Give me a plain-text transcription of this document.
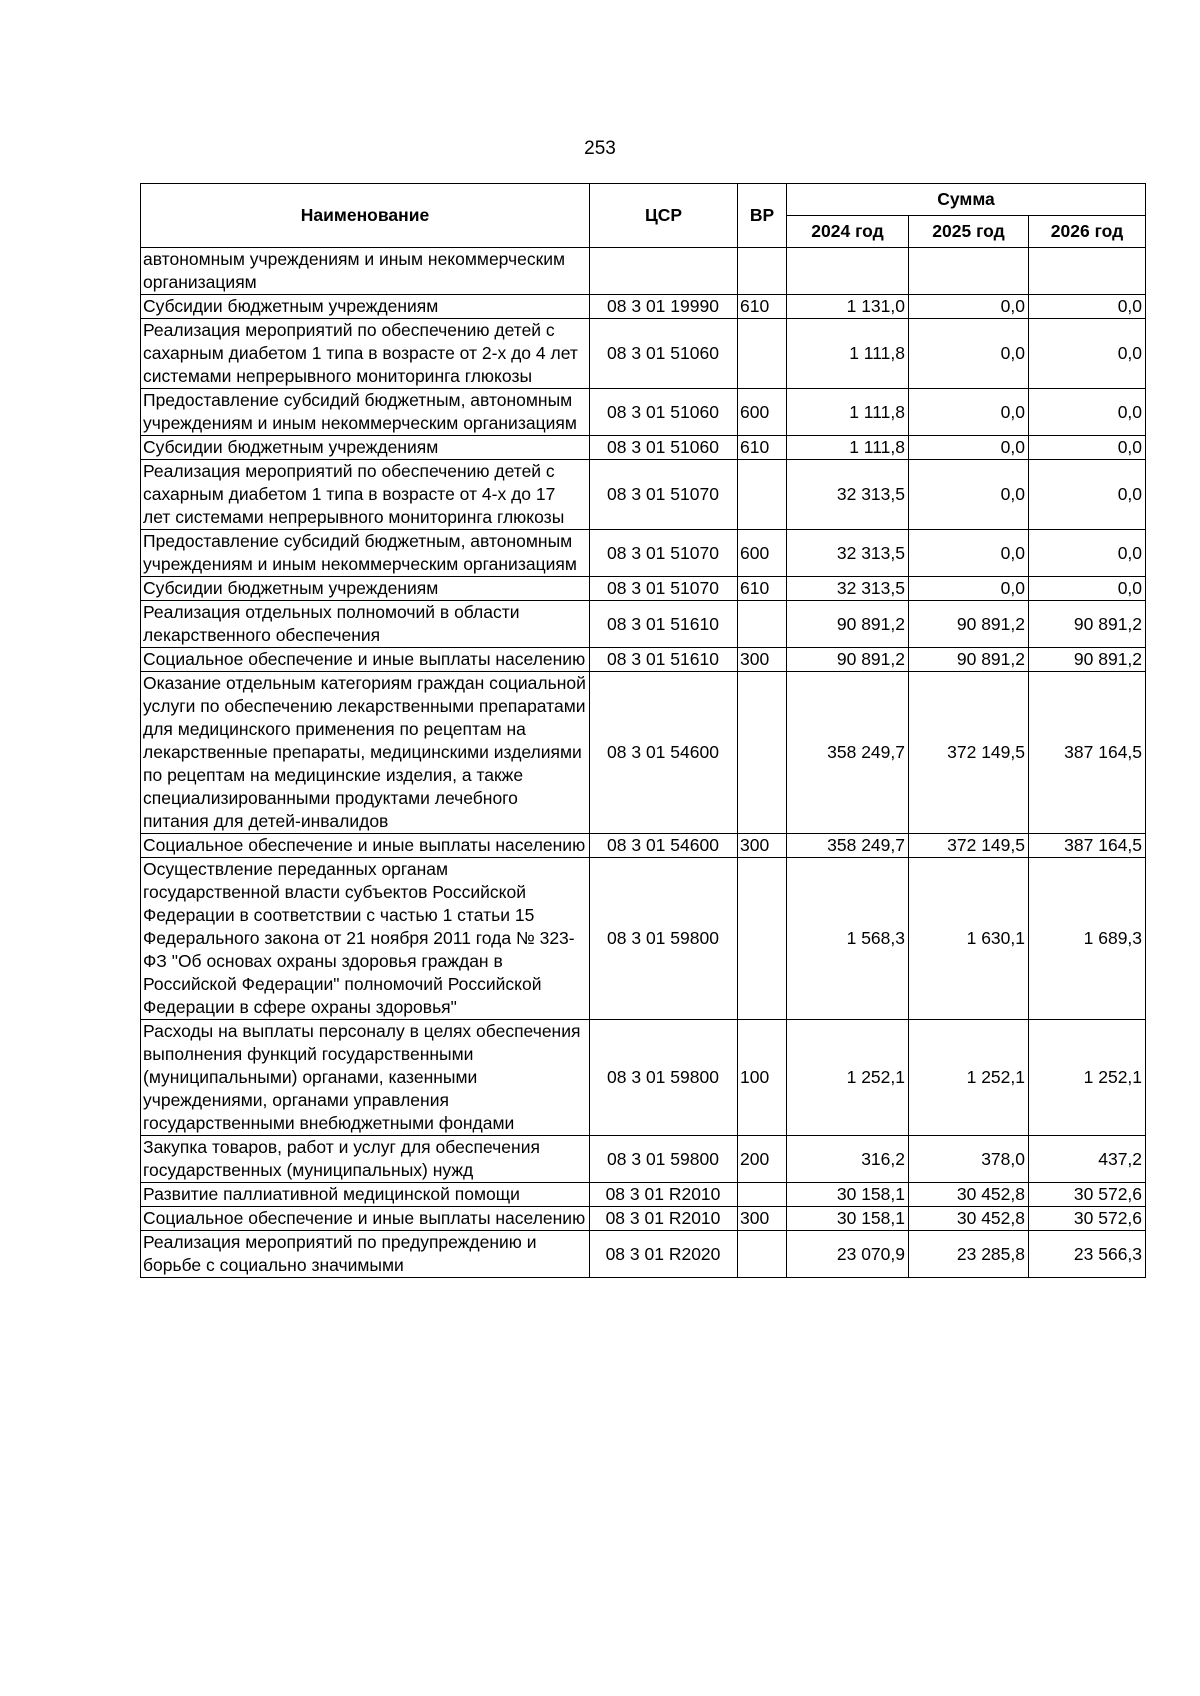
253
Наименование	ЦСР	ВР	Сумма		
			2024 год	2025 год	2026 год
автономным учреждениям и иным некоммерческим организациям					
Субсидии бюджетным учреждениям	08 3 01 19990	610	1 131,0	0,0	0,0
Реализация мероприятий по обеспечению детей с сахарным диабетом 1 типа в возрасте от 2-х до 4 лет системами непрерывного мониторинга глюкозы	08 3 01 51060		1 111,8	0,0	0,0
Предоставление субсидий бюджетным, автономным учреждениям и иным некоммерческим организациям	08 3 01 51060	600	1 111,8	0,0	0,0
Субсидии бюджетным учреждениям	08 3 01 51060	610	1 111,8	0,0	0,0
Реализация мероприятий по обеспечению детей с сахарным диабетом 1 типа в возрасте от 4-х до 17 лет системами непрерывного мониторинга глюкозы	08 3 01 51070		32 313,5	0,0	0,0
Предоставление субсидий бюджетным, автономным учреждениям и иным некоммерческим организациям	08 3 01 51070	600	32 313,5	0,0	0,0
Субсидии бюджетным учреждениям	08 3 01 51070	610	32 313,5	0,0	0,0
Реализация отдельных полномочий в области лекарственного обеспечения	08 3 01 51610		90 891,2	90 891,2	90 891,2
Социальное обеспечение и иные выплаты населению	08 3 01 51610	300	90 891,2	90 891,2	90 891,2
Оказание отдельным категориям граждан социальной услуги по обеспечению лекарственными препаратами для медицинского применения по рецептам на лекарственные препараты, медицинскими изделиями по рецептам на медицинские изделия, а также специализированными продуктами лечебного питания для детей-инвалидов	08 3 01 54600		358 249,7	372 149,5	387 164,5
Социальное обеспечение и иные выплаты населению	08 3 01 54600	300	358 249,7	372 149,5	387 164,5
Осуществление переданных органам государственной власти субъектов Российской Федерации в соответствии с частью 1 статьи 15 Федерального закона от 21 ноября 2011 года № 323-ФЗ "Об основах охраны здоровья граждан в Российской Федерации" полномочий Российской Федерации в сфере охраны здоровья"	08 3 01 59800		1 568,3	1 630,1	1 689,3
Расходы на выплаты персоналу в целях обеспечения выполнения функций государственными (муниципальными) органами, казенными учреждениями, органами управления государственными внебюджетными фондами	08 3 01 59800	100	1 252,1	1 252,1	1 252,1
Закупка товаров, работ и услуг для обеспечения государственных (муниципальных) нужд	08 3 01 59800	200	316,2	378,0	437,2
Развитие паллиативной медицинской помощи	08 3 01 R2010		30 158,1	30 452,8	30 572,6
Социальное обеспечение и иные выплаты населению	08 3 01 R2010	300	30 158,1	30 452,8	30 572,6
Реализация мероприятий по предупреждению и борьбе с социально значимыми	08 3 01 R2020		23 070,9	23 285,8	23 566,3
